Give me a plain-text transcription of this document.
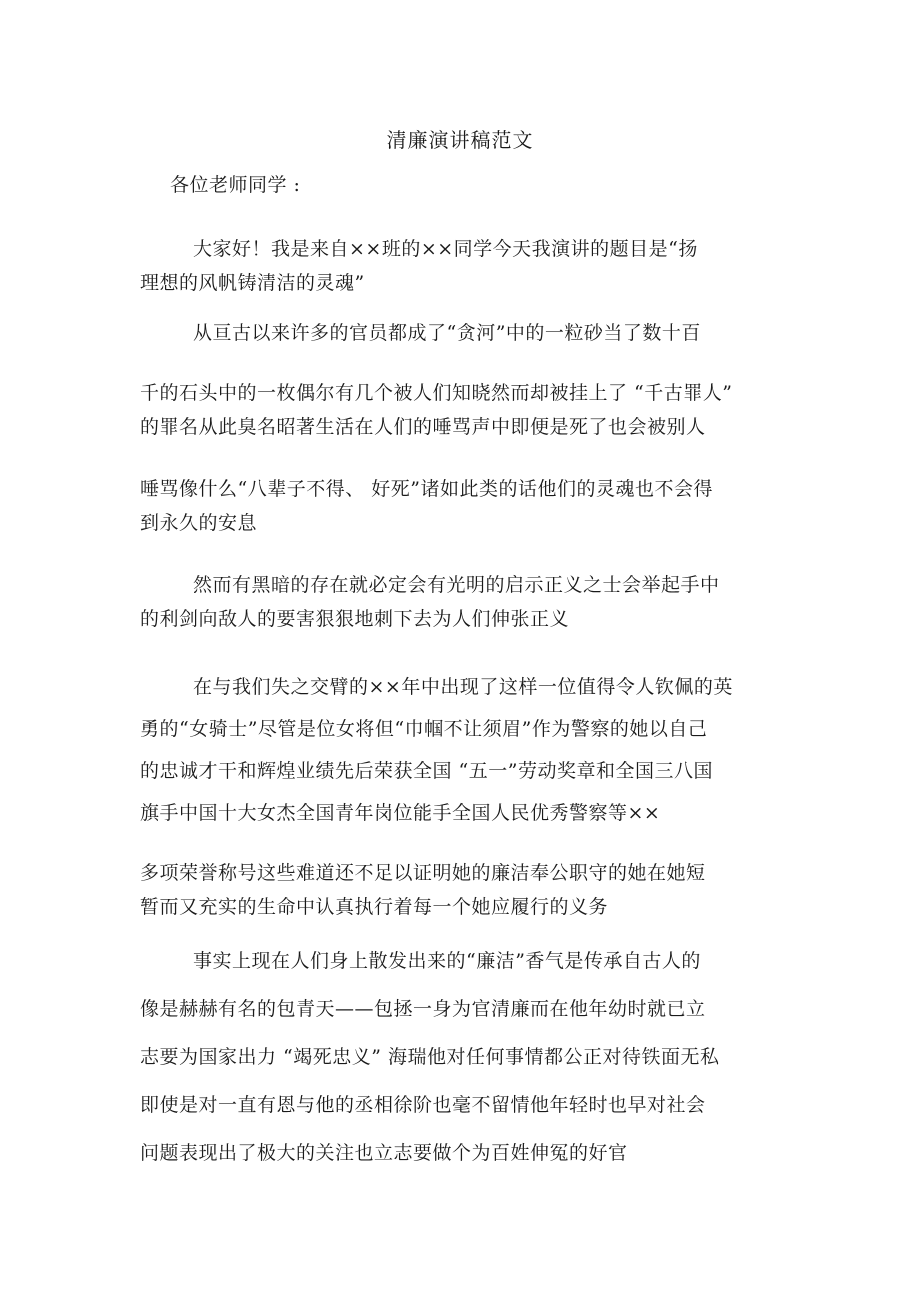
清廉演讲稿范文
各位老师同学 :
大家好！我是来自××班的××同学今天我演讲的题目是“扬
理想的风帆铸清洁的灵魂”
从亘古以来许多的官员都成了“贪河”中的一粒砂当了数十百
千的石头中的一枚偶尔有几个被人们知晓然而却被挂上了 “千古罪人”
的罪名从此臭名昭著生活在人们的唾骂声中即便是死了也会被别人
唾骂像什么“八辈子不得、 好死”诸如此类的话他们的灵魂也不会得
到永久的安息
然而有黑暗的存在就必定会有光明的启示正义之士会举起手中
的利剑向敌人的要害狠狠地刺下去为人们伸张正义
在与我们失之交臂的××年中出现了这样一位值得令人钦佩的英
勇的“女骑士”尽管是位女将但“巾帼不让须眉”作为警察的她以自己
的忠诚才干和辉煌业绩先后荣获全国 “五一”劳动奖章和全国三八国
旗手中国十大女杰全国青年岗位能手全国人民优秀警察等××
多项荣誉称号这些难道还不足以证明她的廉洁奉公职守的她在她短
暂而又充实的生命中认真执行着每一个她应履行的义务
事实上现在人们身上散发出来的“廉洁”香气是传承自古人的
像是赫赫有名的包青天——包拯一身为官清廉而在他年幼时就已立
志要为国家出力 “竭死忠义” 海瑞他对任何事情都公正对待铁面无私
即使是对一直有恩与他的丞相徐阶也毫不留情他年轻时也早对社会
问题表现出了极大的关注也立志要做个为百姓伸冤的好官
